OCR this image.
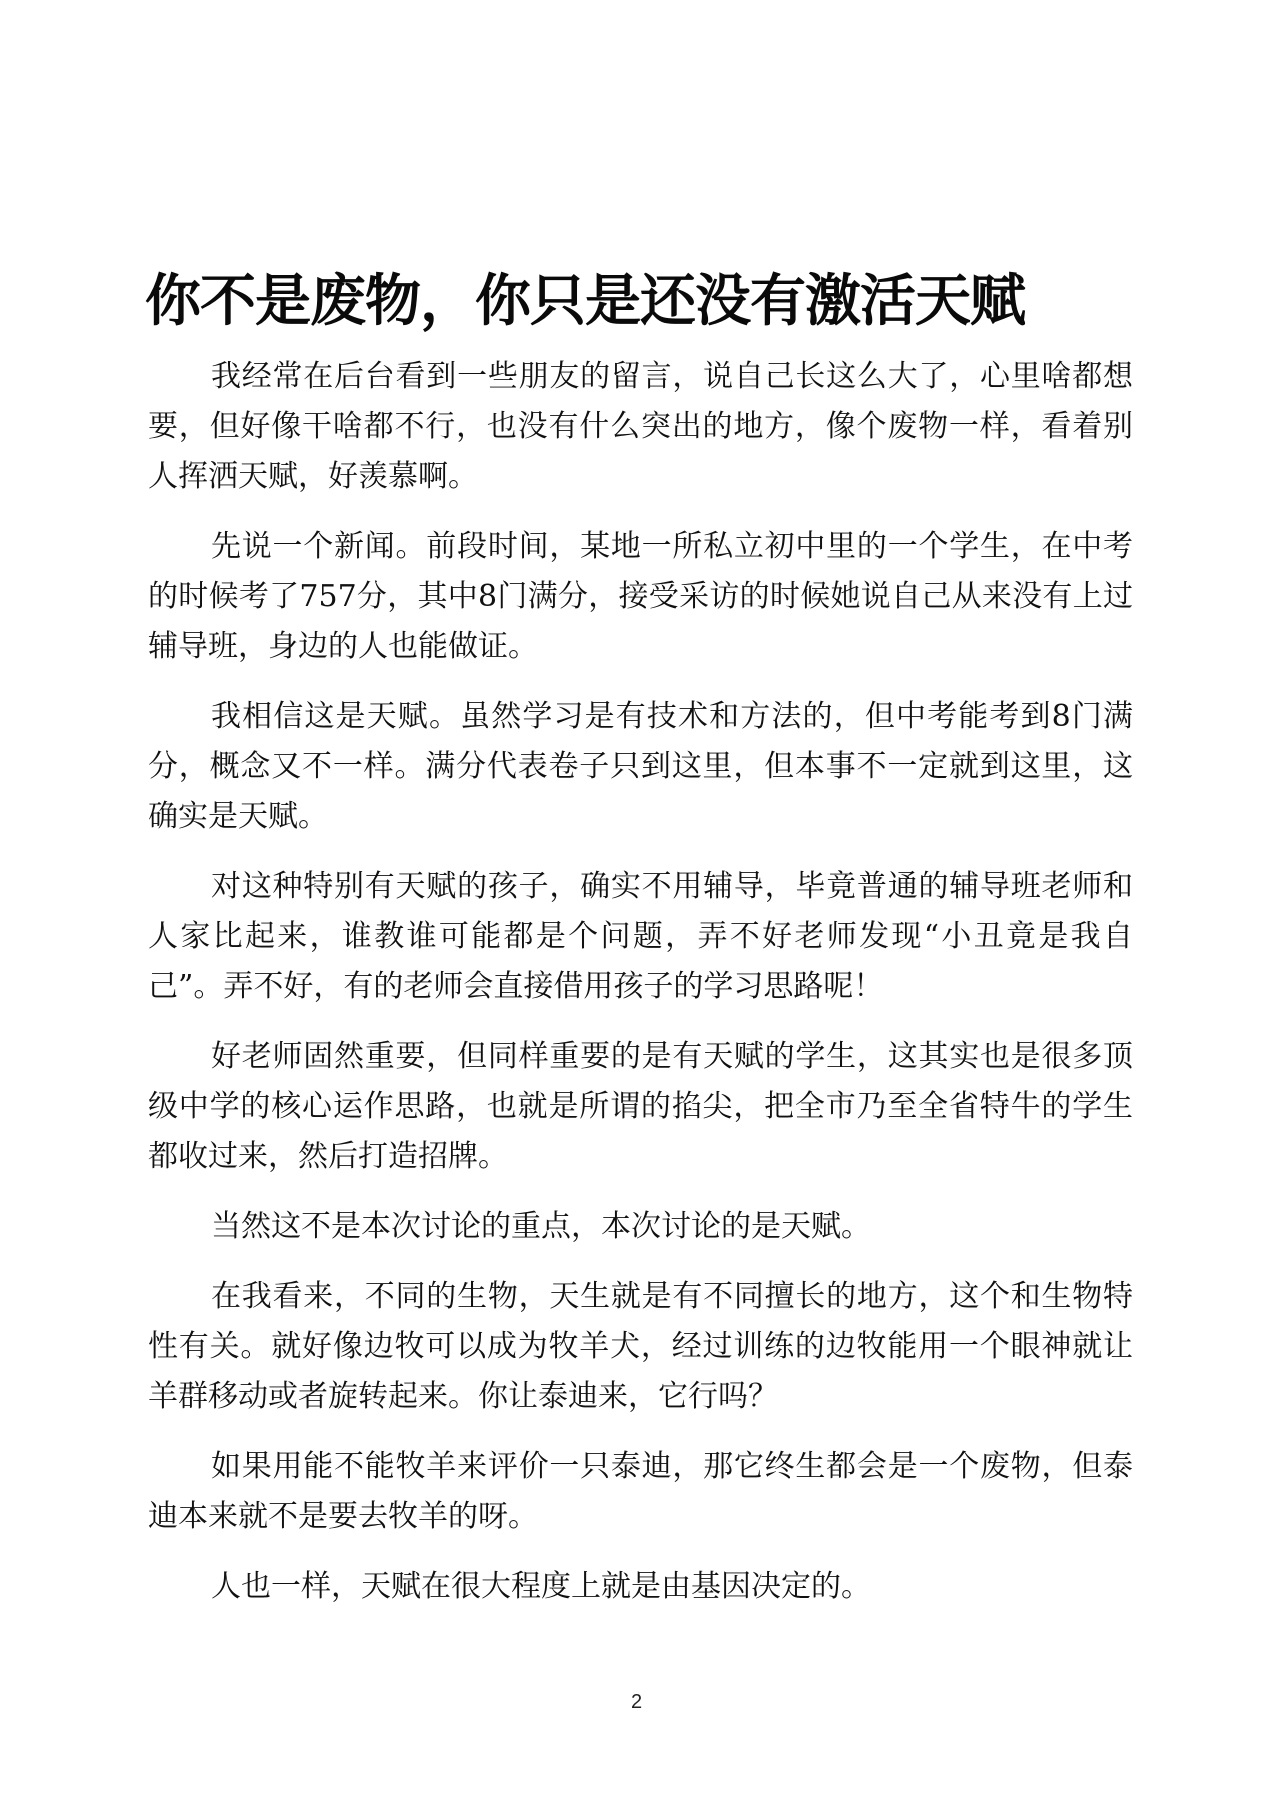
你不是废物，你只是还没有激活天赋

我经常在后台看到一些朋友的留言，说自己长这么大了，心里啥都想要，但好像干啥都不行，也没有什么突出的地方，像个废物一样，看着别人挥洒天赋，好羡慕啊。

先说一个新闻。前段时间，某地一所私立初中里的一个学生，在中考的时候考了757分，其中8门满分，接受采访的时候她说自己从来没有上过辅导班，身边的人也能做证。

我相信这是天赋。虽然学习是有技术和方法的，但中考能考到8门满分，概念又不一样。满分代表卷子只到这里，但本事不一定就到这里，这确实是天赋。

对这种特别有天赋的孩子，确实不用辅导，毕竟普通的辅导班老师和人家比起来，谁教谁可能都是个问题，弄不好老师发现“小丑竟是我自己”。弄不好，有的老师会直接借用孩子的学习思路呢！

好老师固然重要，但同样重要的是有天赋的学生，这其实也是很多顶级中学的核心运作思路，也就是所谓的掐尖，把全市乃至全省特牛的学生都收过来，然后打造招牌。

当然这不是本次讨论的重点，本次讨论的是天赋。

在我看来，不同的生物，天生就是有不同擅长的地方，这个和生物特性有关。就好像边牧可以成为牧羊犬，经过训练的边牧能用一个眼神就让羊群移动或者旋转起来。你让泰迪来，它行吗？

如果用能不能牧羊来评价一只泰迪，那它终生都会是一个废物，但泰迪本来就不是要去牧羊的呀。

人也一样，天赋在很大程度上就是由基因决定的。

2
